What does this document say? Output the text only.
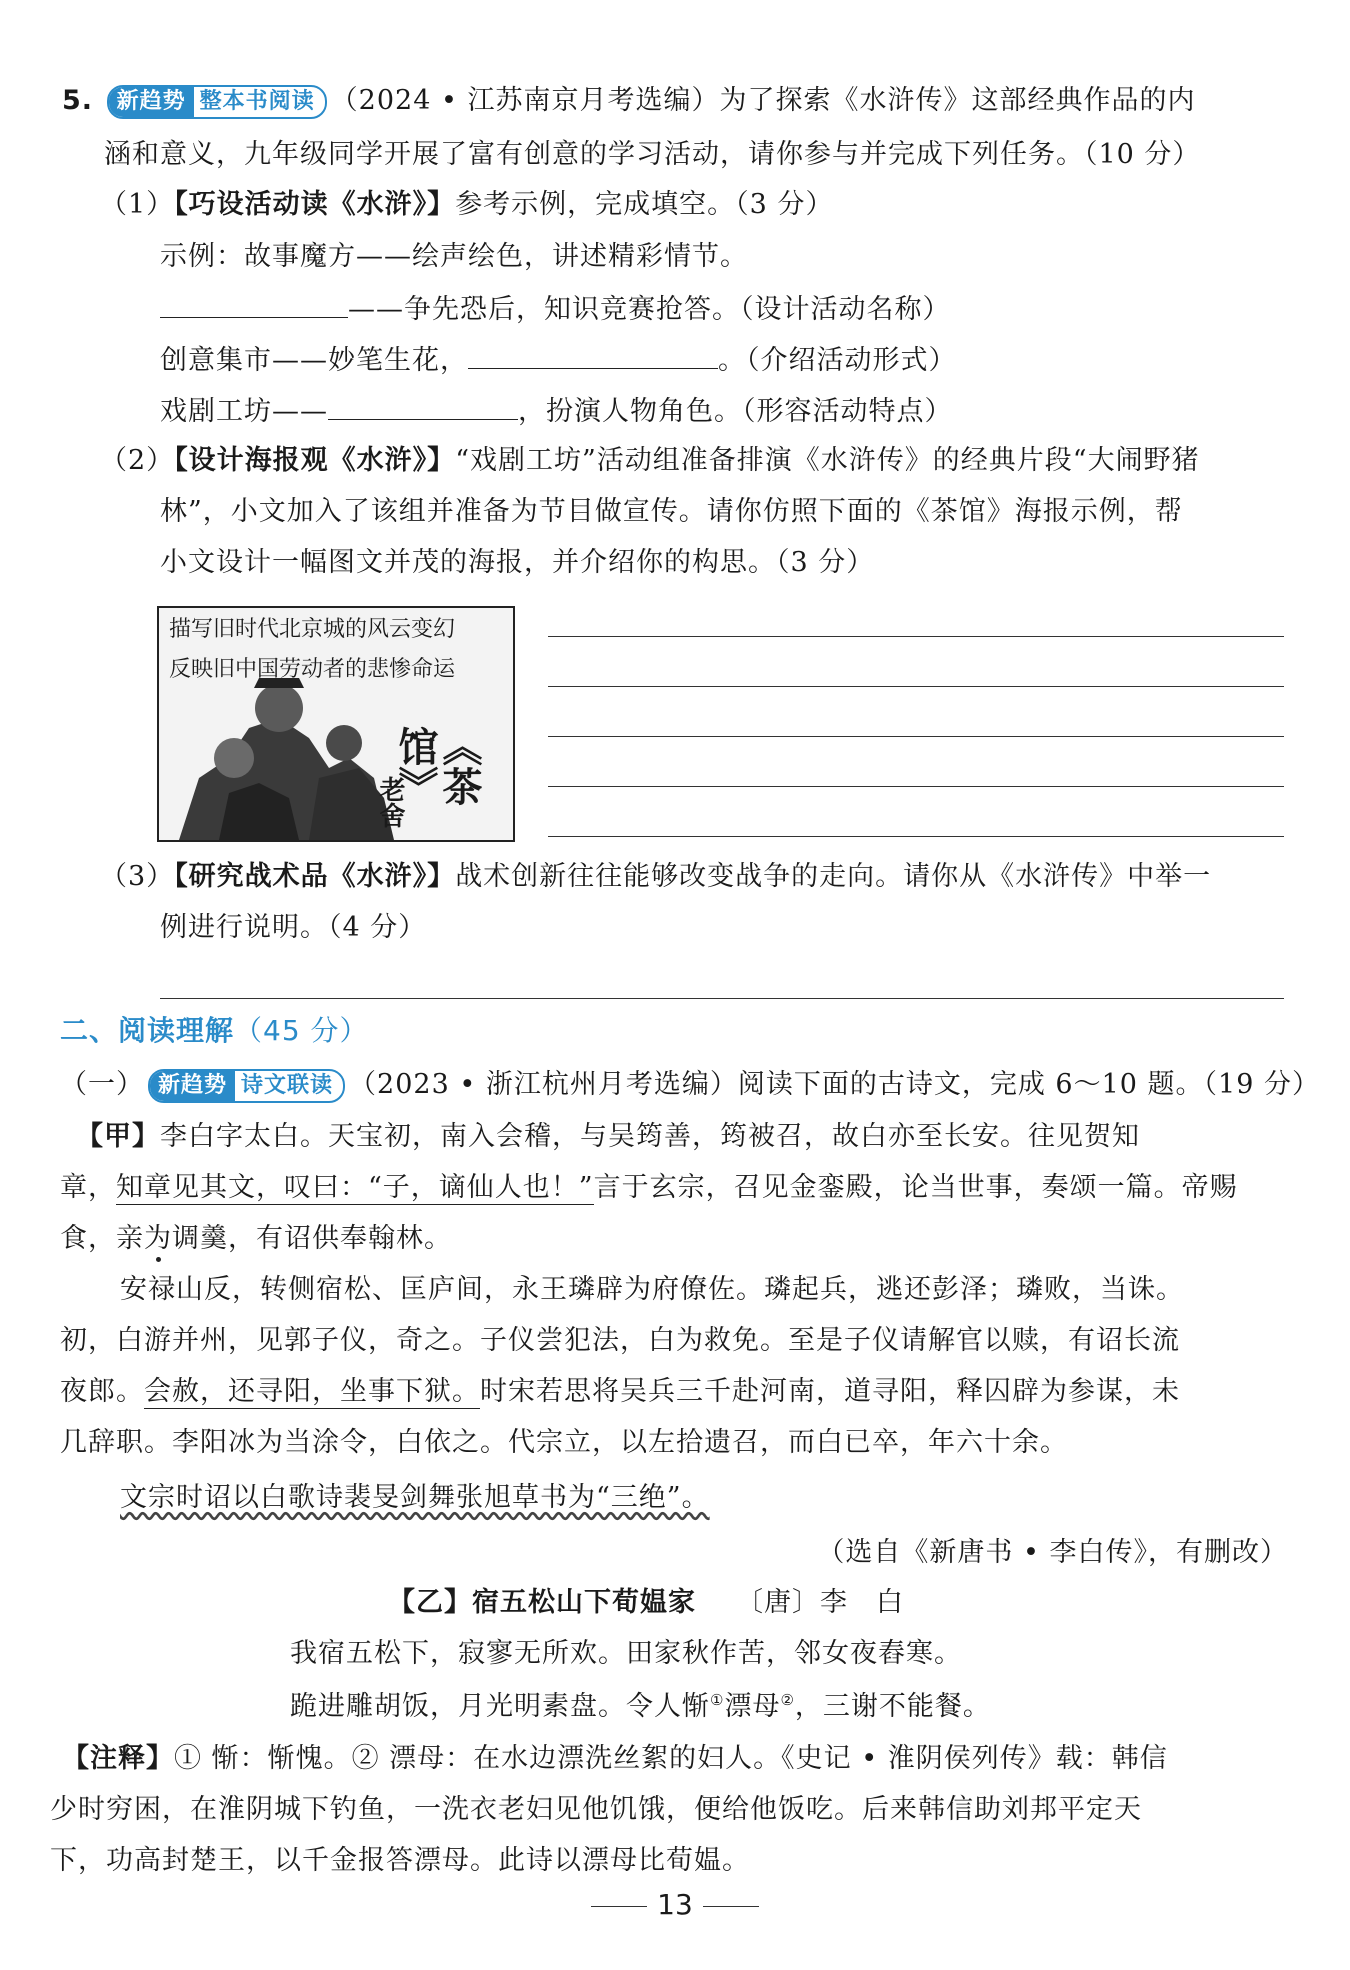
5. 新趋势 整本书阅读 （2024 • 江苏南京月考选编）为了探索《水浒传》这部经典作品的内
涵和意义，九年级同学开展了富有创意的学习活动，请你参与并完成下列任务。（10 分）
（1）【巧设活动读《水浒》】参考示例，完成填空。（3 分）
示例：故事魔方——绘声绘色，讲述精彩情节。
——争先恐后，知识竞赛抢答。（设计活动名称）
创意集市——妙笔生花，	。（介绍活动形式）
戏剧工坊——	，扮演人物角色。（形容活动特点）
（2）【设计海报观《水浒》】“戏剧工坊”活动组准备排演《水浒传》的经典片段“大闹野猪
林”，小文加入了该组并准备为节目做宣传。请你仿照下面的《茶馆》海报示例，帮
小文设计一幅图文并茂的海报，并介绍你的构思。（3 分）
描写旧时代北京城的风云变幻
反映旧中国劳动者的悲惨命运
《茶馆》
老舍
（3）【研究战术品《水浒》】战术创新往往能够改变战争的走向。请你从《水浒传》中举一
例进行说明。（4 分）
二、阅读理解（45 分）
（一） 新趋势 诗文联读 （2023 • 浙江杭州月考选编）阅读下面的古诗文，完成 6～10 题。（19 分）
【甲】李白字太白。天宝初，南入会稽，与吴筠善，筠被召，故白亦至长安。往见贺知
章，知章见其文，叹曰：“子，谪仙人也！”言于玄宗，召见金銮殿，论当世事，奏颂一篇。帝赐
食，亲为调羹，有诏供奉翰林。
安禄山反，转侧宿松、匡庐间，永王璘辟为府僚佐。璘起兵，逃还彭泽；璘败，当诛。
初，白游并州，见郭子仪，奇之。子仪尝犯法，白为救免。至是子仪请解官以赎，有诏长流
夜郎。会赦，还寻阳，坐事下狱。时宋若思将吴兵三千赴河南，道寻阳，释囚辟为参谋，未
几辞职。李阳冰为当涂令，白依之。代宗立，以左拾遗召，而白已卒，年六十余。
文宗时诏以白歌诗裴旻剑舞张旭草书为“三绝”。
（选自《新唐书 • 李白传》，有删改）
【乙】宿五松山下荀媪家 〔唐〕李　白
我宿五松下，寂寥无所欢。田家秋作苦，邻女夜舂寒。
跪进雕胡饭，月光明素盘。令人惭①漂母②，三谢不能餐。
【注释】① 惭：惭愧。② 漂母：在水边漂洗丝絮的妇人。《史记 • 淮阴侯列传》载：韩信
少时穷困，在淮阴城下钓鱼，一洗衣老妇见他饥饿，便给他饭吃。后来韩信助刘邦平定天
下，功高封楚王，以千金报答漂母。此诗以漂母比荀媪。
13
